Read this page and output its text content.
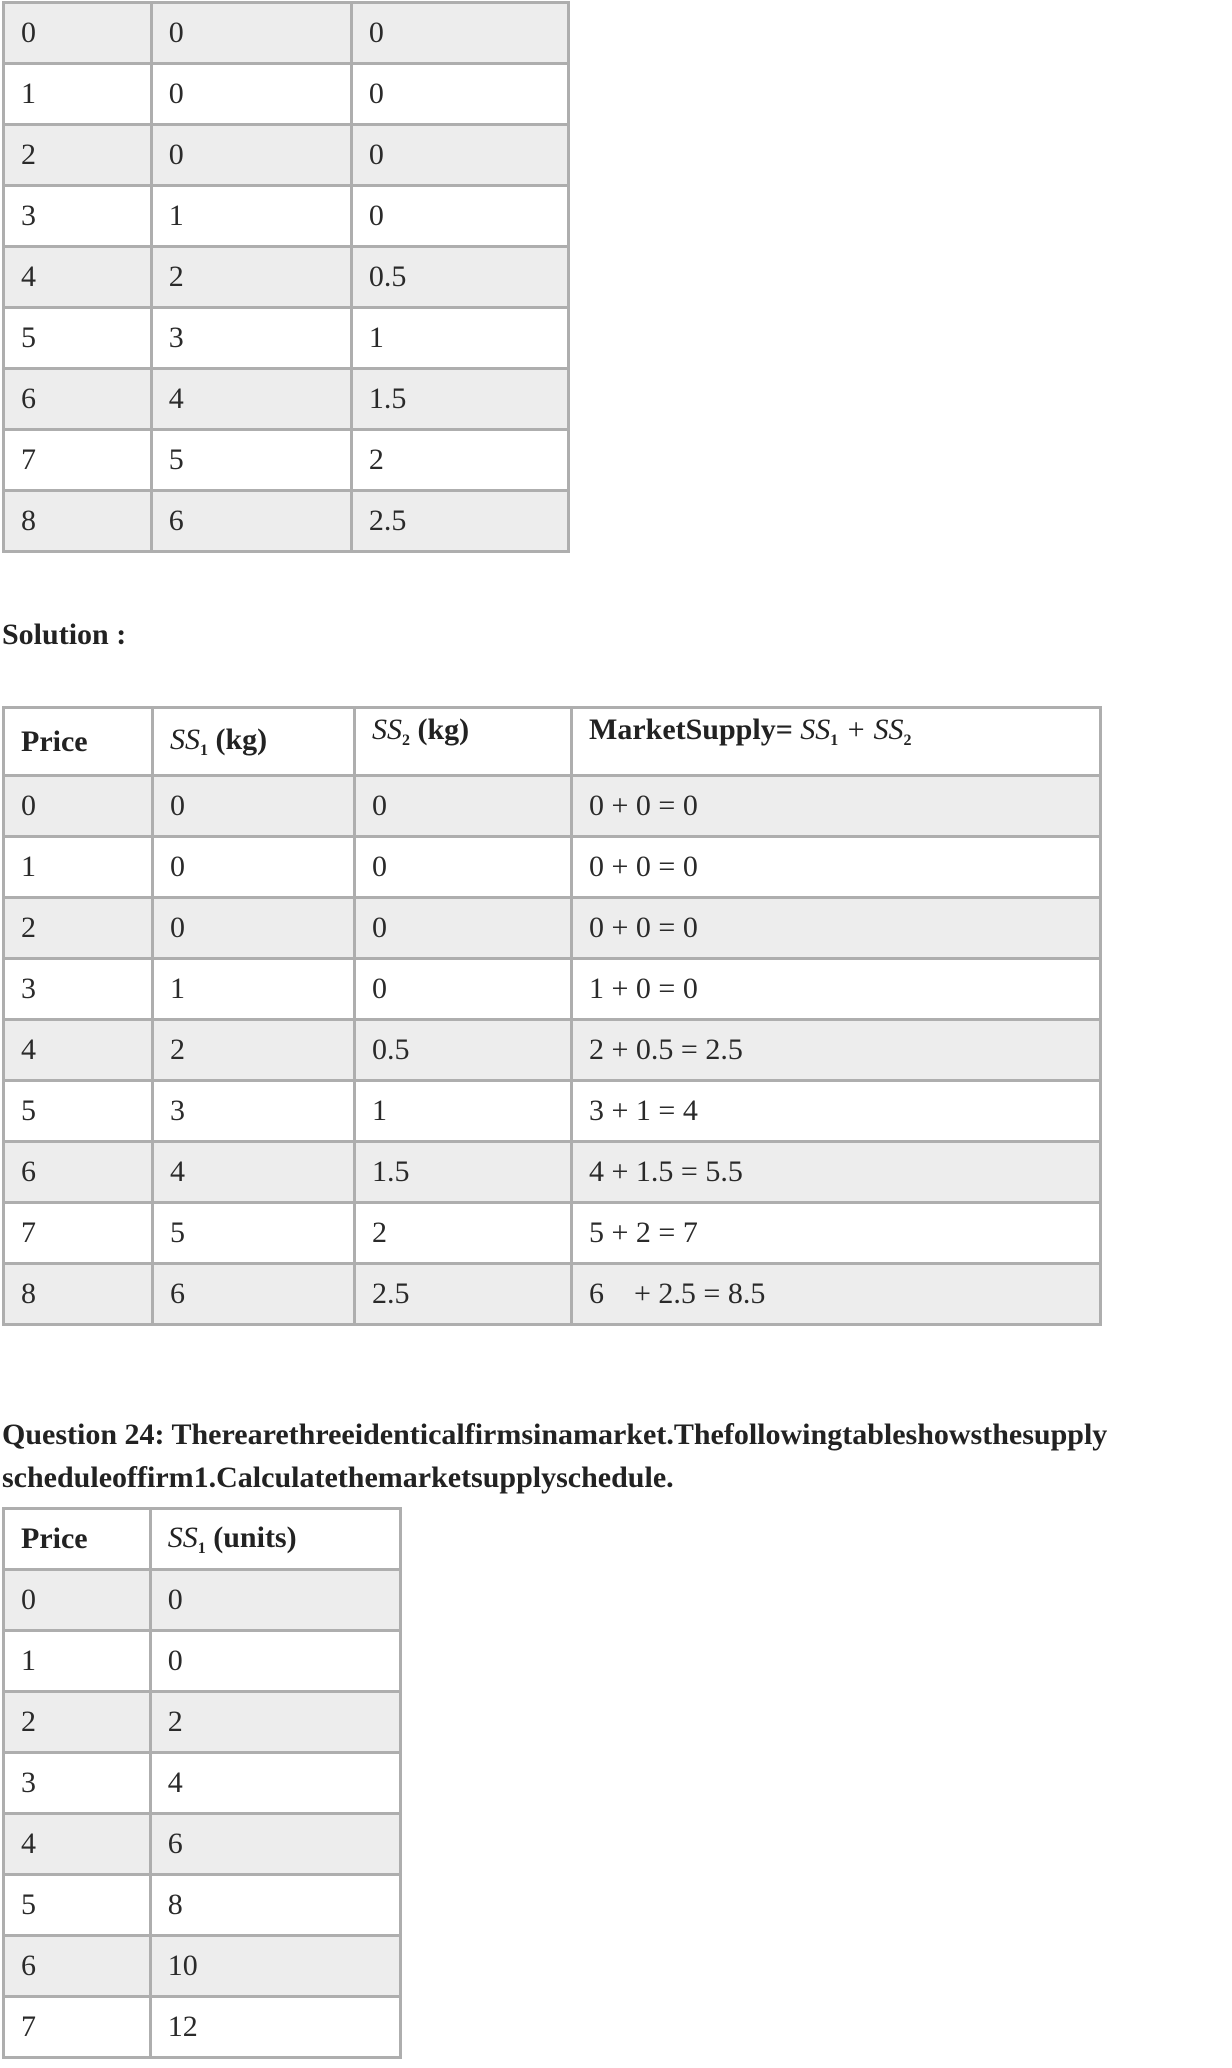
0	0	0
1	0	0
2	0	0
3	1	0
4	2	0.5
5	3	1
6	4	1.5
7	5	2
8	6	2.5
Solution :
Price	$SS_1$ (kg)	$SS_2$ (kg)	MarketSupply= $SS_1 + SS_2$
0	0	0	0 + 0 = 0
1	0	0	0 + 0 = 0
2	0	0	0 + 0 = 0
3	1	0	1 + 0 = 0
4	2	0.5	2 + 0.5 = 2.5
5	3	1	3 + 1 = 4
6	4	1.5	4 + 1.5 = 5.5
7	5	2	5 + 2 = 7
8	6	2.5	6    + 2.5 = 8.5
Question 24: Therearethreeidenticalfirmsinamarket.Thefollowingtableshowsthesupply
scheduleoffirm1.Calculatethemarketsupplyschedule.
Price	$SS_1$ (units)
0	0
1	0
2	2
3	4
4	6
5	8
6	10
7	12
